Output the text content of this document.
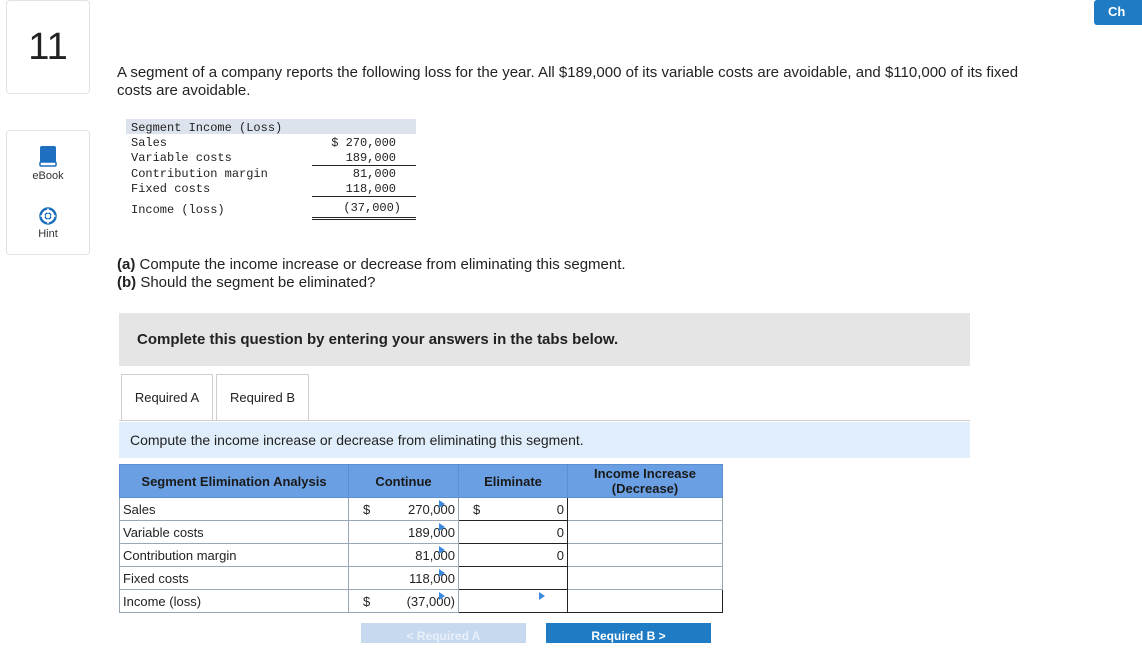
Ch
11
eBook
Hint
A segment of a company reports the following loss for the year. All $189,000 of its variable costs are avoidable, and $110,000 of its fixed costs are avoidable.
Segment Income (Loss)
Sales	$ 270,000
Variable costs	189,000
Contribution margin	81,000
Fixed costs	118,000
Income (loss)	(37,000)
(a) Compute the income increase or decrease from eliminating this segment.
(b) Should the segment be eliminated?
Complete this question by entering your answers in the tabs below.
Required A Required B
Compute the income increase or decrease from eliminating this segment.
Segment Elimination Analysis	Continue	Eliminate	Income Increase (Decrease)
Sales	$ 270,000	$ 0	

Variable costs	189,000	0	
Contribution margin	81,000	0	
Fixed costs	118,000		
Income (loss)	$ (37,000)		

< Required A	Required B >
